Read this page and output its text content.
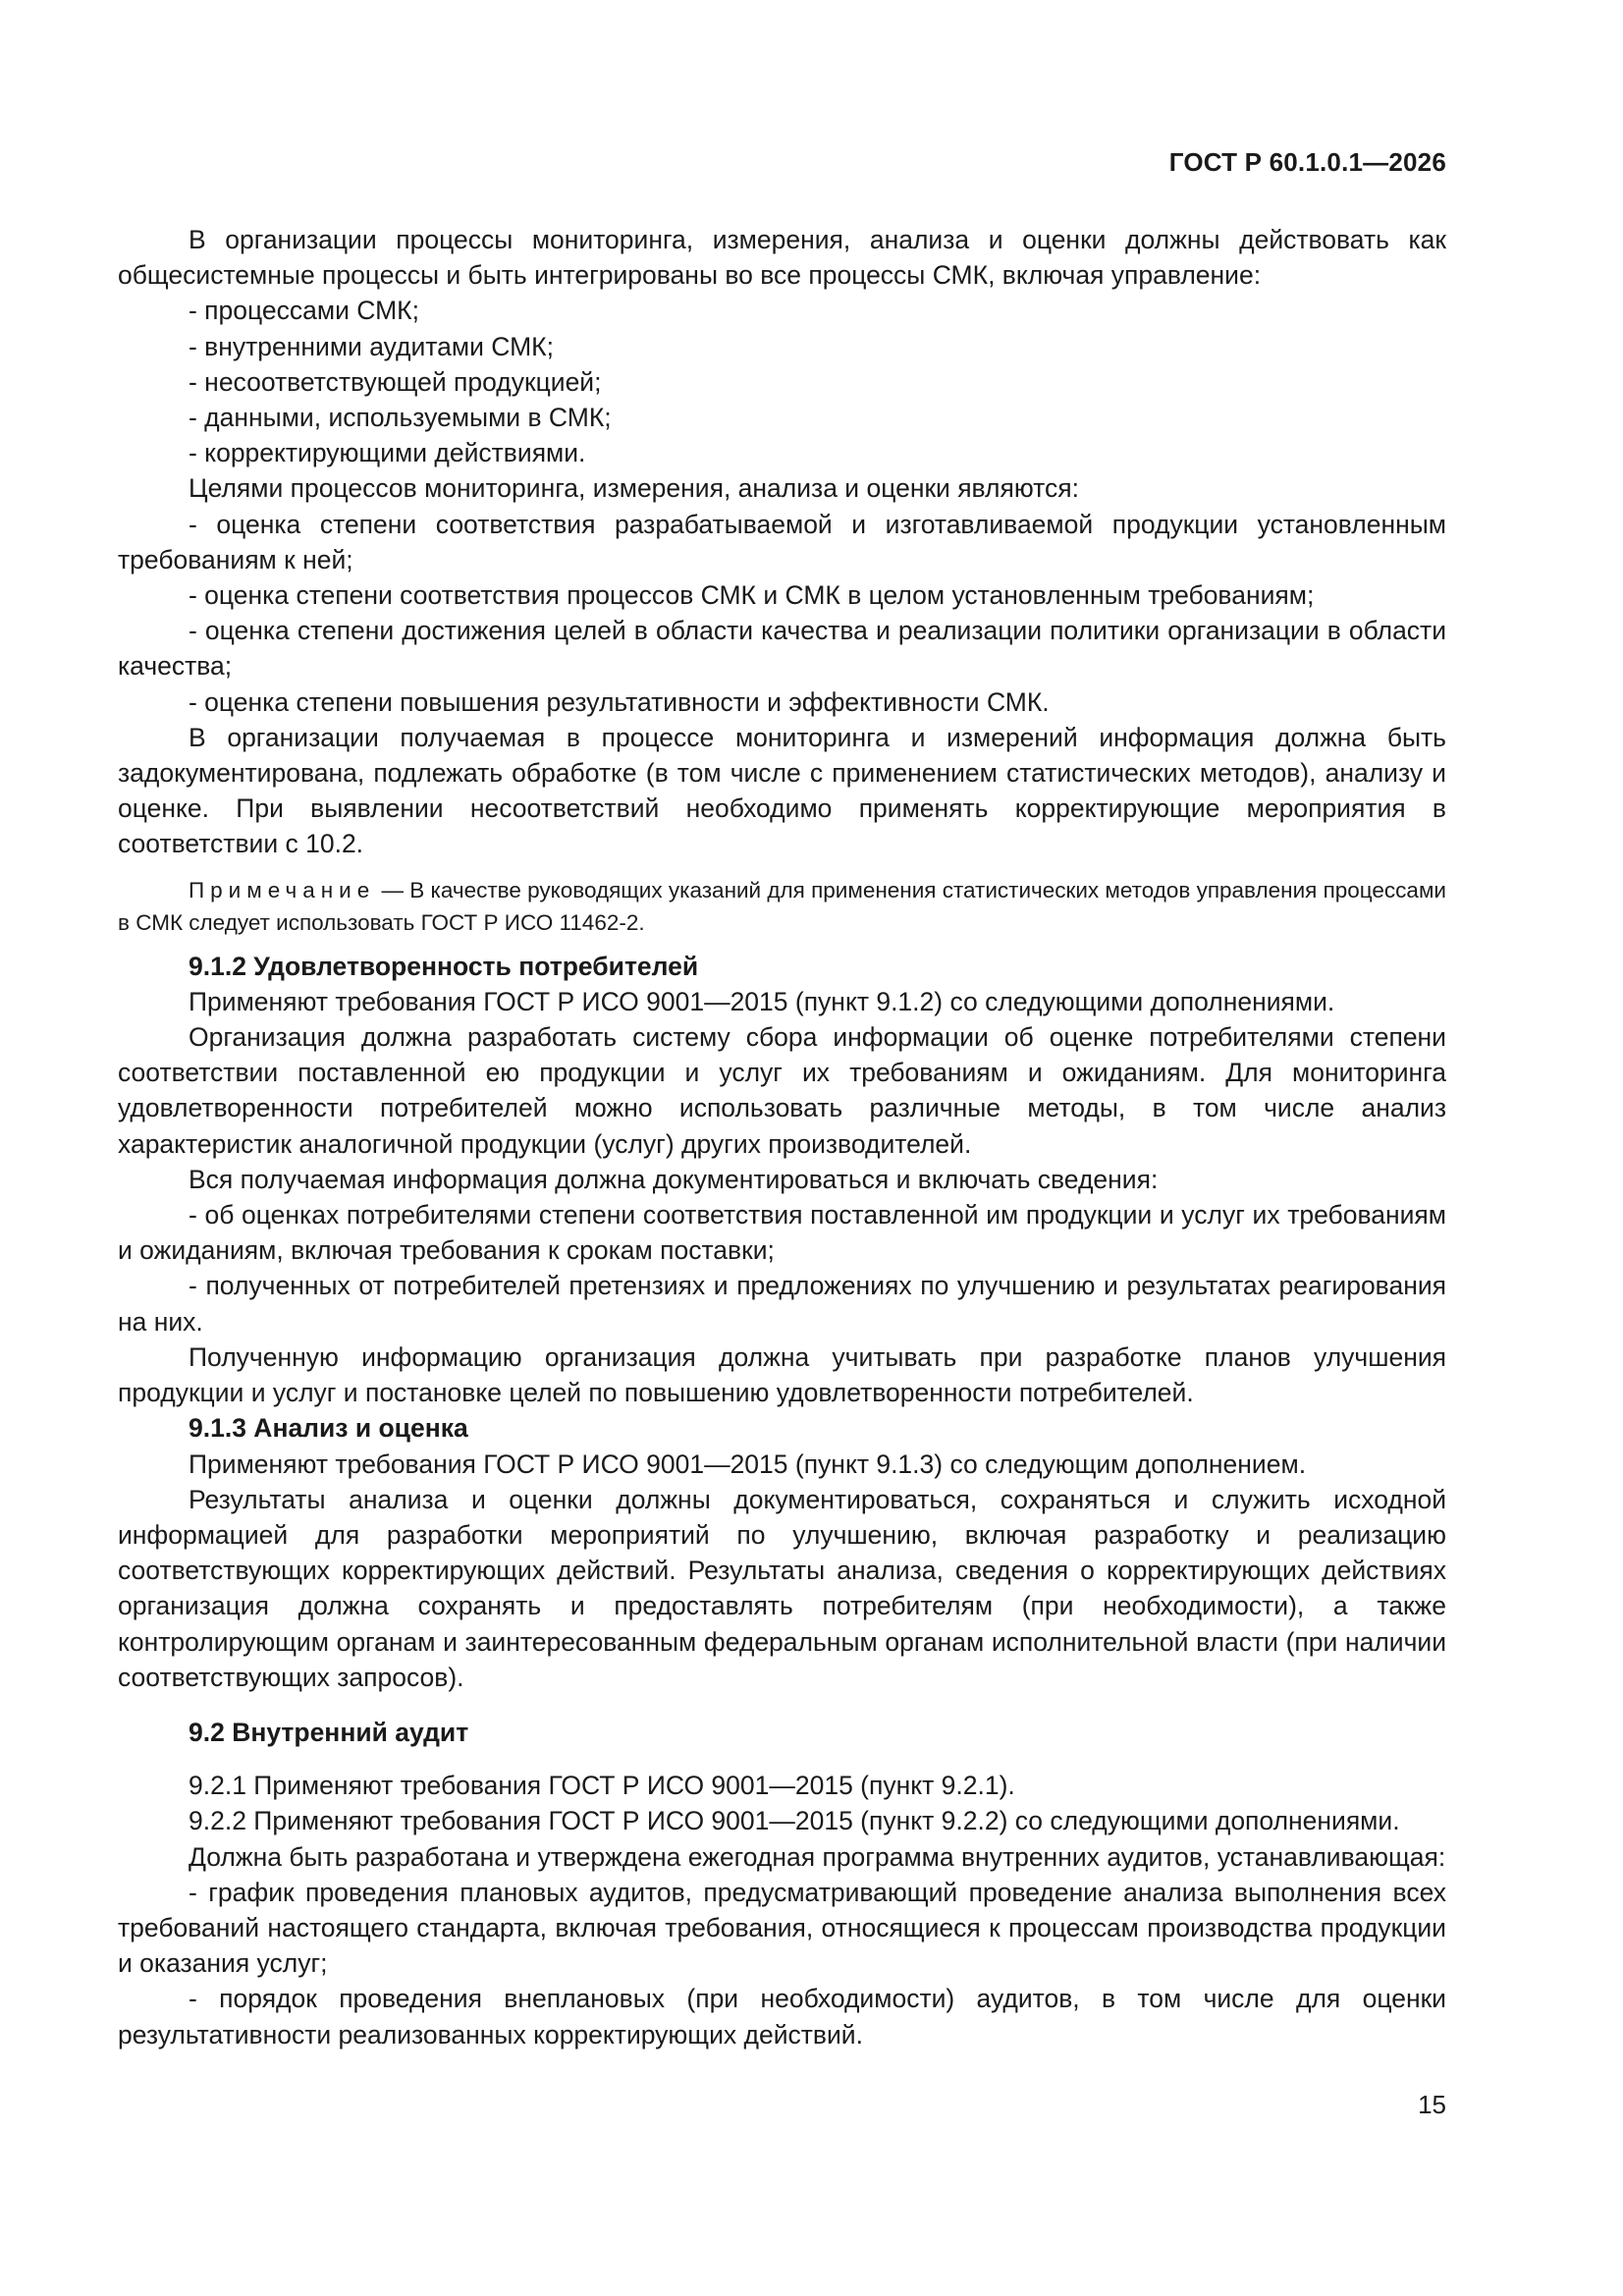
ГОСТ Р 60.1.0.1—2026

В организации процессы мониторинга, измерения, анализа и оценки должны действовать как общесистемные процессы и быть интегрированы во все процессы СМК, включая управление:

- процессами СМК;

- внутренними аудитами СМК;

- несоответствующей продукцией;

- данными, используемыми в СМК;

- корректирующими действиями.

Целями процессов мониторинга, измерения, анализа и оценки являются:

- оценка степени соответствия разрабатываемой и изготавливаемой продукции установленным требованиям к ней;

- оценка степени соответствия процессов СМК и СМК в целом установленным требованиям;

- оценка степени достижения целей в области качества и реализации политики организации в области качества;

- оценка степени повышения результативности и эффективности СМК.

В организации получаемая в процессе мониторинга и измерений информация должна быть задокументирована, подлежать обработке (в том числе с применением статистических методов), анализу и оценке. При выявлении несоответствий необходимо применять корректирующие мероприятия в соответствии с 10.2.

Примечание — В качестве руководящих указаний для применения статистических методов управления процессами в СМК следует использовать ГОСТ Р ИСО 11462-2.

9.1.2 Удовлетворенность потребителей

Применяют требования ГОСТ Р ИСО 9001—2015 (пункт 9.1.2) со следующими дополнениями.

Организация должна разработать систему сбора информации об оценке потребителями степени соответствии поставленной ею продукции и услуг их требованиям и ожиданиям. Для мониторинга удовлетворенности потребителей можно использовать различные методы, в том числе анализ характеристик аналогичной продукции (услуг) других производителей.

Вся получаемая информация должна документироваться и включать сведения:

- об оценках потребителями степени соответствия поставленной им продукции и услуг их требованиям и ожиданиям, включая требования к срокам поставки;

- полученных от потребителей претензиях и предложениях по улучшению и результатах реагирования на них.

Полученную информацию организация должна учитывать при разработке планов улучшения продукции и услуг и постановке целей по повышению удовлетворенности потребителей.

9.1.3 Анализ и оценка

Применяют требования ГОСТ Р ИСО 9001—2015 (пункт 9.1.3) со следующим дополнением.

Результаты анализа и оценки должны документироваться, сохраняться и служить исходной информацией для разработки мероприятий по улучшению, включая разработку и реализацию соответствующих корректирующих действий. Результаты анализа, сведения о корректирующих действиях организация должна сохранять и предоставлять потребителям (при необходимости), а также контролирующим органам и заинтересованным федеральным органам исполнительной власти (при наличии соответствующих запросов).

9.2 Внутренний аудит

9.2.1 Применяют требования ГОСТ Р ИСО 9001—2015 (пункт 9.2.1).

9.2.2 Применяют требования ГОСТ Р ИСО 9001—2015 (пункт 9.2.2) со следующими дополнениями.

Должна быть разработана и утверждена ежегодная программа внутренних аудитов, устанавливающая:

- график проведения плановых аудитов, предусматривающий проведение анализа выполнения всех требований настоящего стандарта, включая требования, относящиеся к процессам производства продукции и оказания услуг;

- порядок проведения внеплановых (при необходимости) аудитов, в том числе для оценки результативности реализованных корректирующих действий.

15
